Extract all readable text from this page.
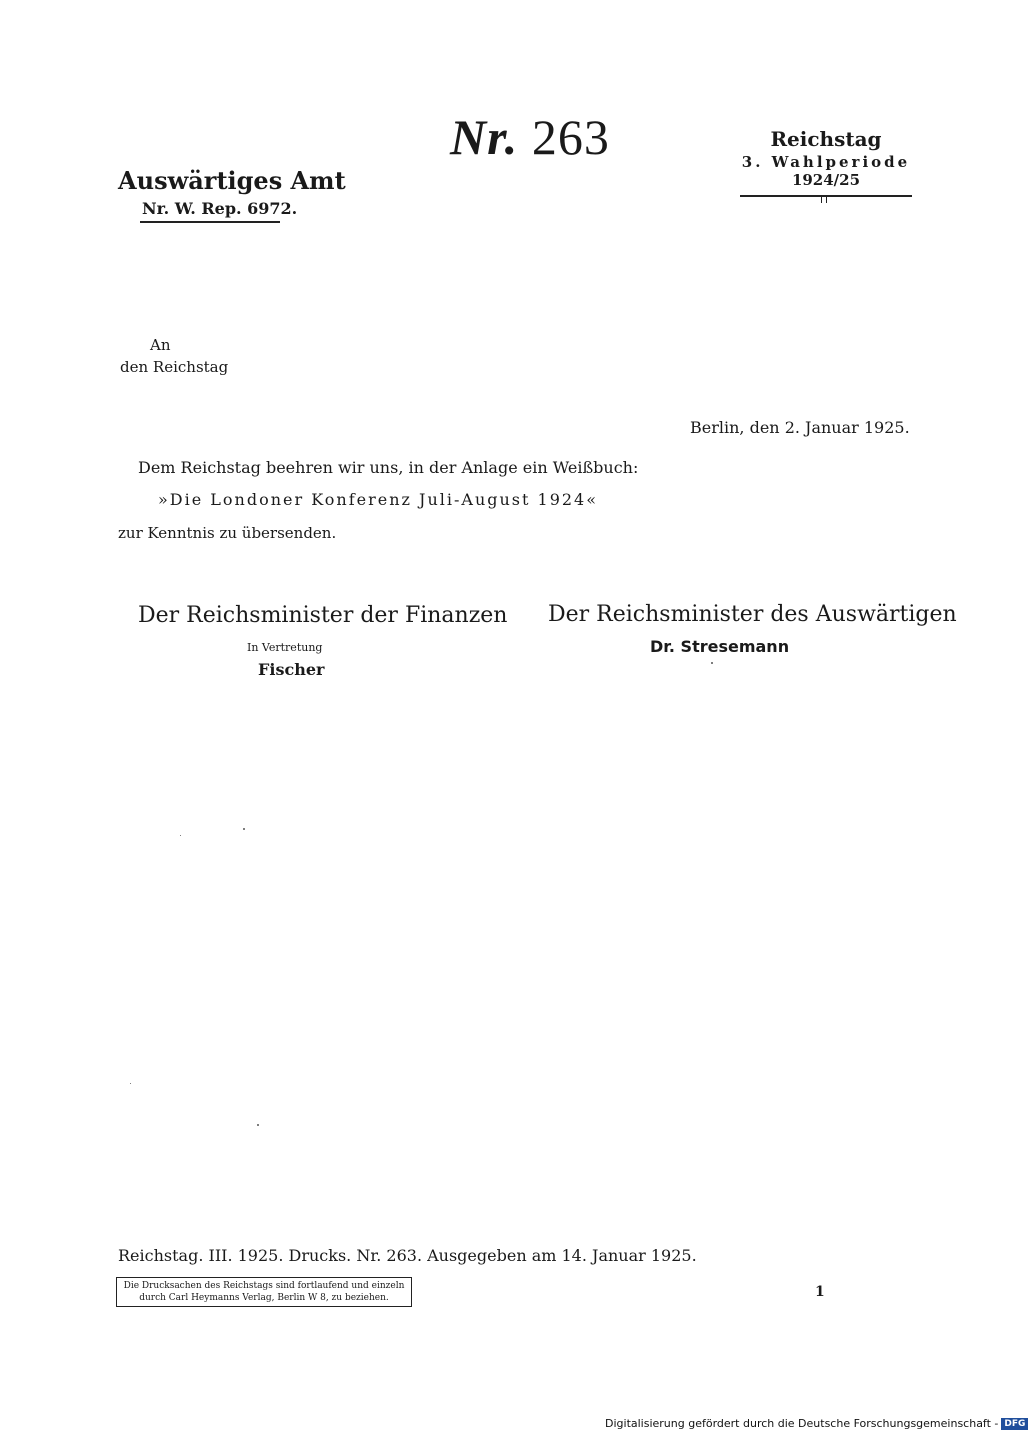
Nr. 263
Auswärtiges Amt
Nr. W. Rep. 6972.
Reichstag
3. Wahlperiode
1924/25
An
den Reichstag
Berlin, den 2. Januar 1925.
Dem Reichstag beehren wir uns, in der Anlage ein Weißbuch:
»Die Londoner Konferenz Juli-August 1924«
zur Kenntnis zu übersenden.
Der Reichsminister der Finanzen
In Vertretung
Fischer
Der Reichsminister des Auswärtigen
Dr. Stresemann
Reichstag. III. 1925. Drucks. Nr. 263. Ausgegeben am 14. Januar 1925.
Die Drucksachen des Reichstags sind fortlaufend und einzeln
durch Carl Heymanns Verlag, Berlin W 8, zu beziehen.	1
Digitalisierung gefördert durch die Deutsche Forschungsgemeinschaft - DFG
